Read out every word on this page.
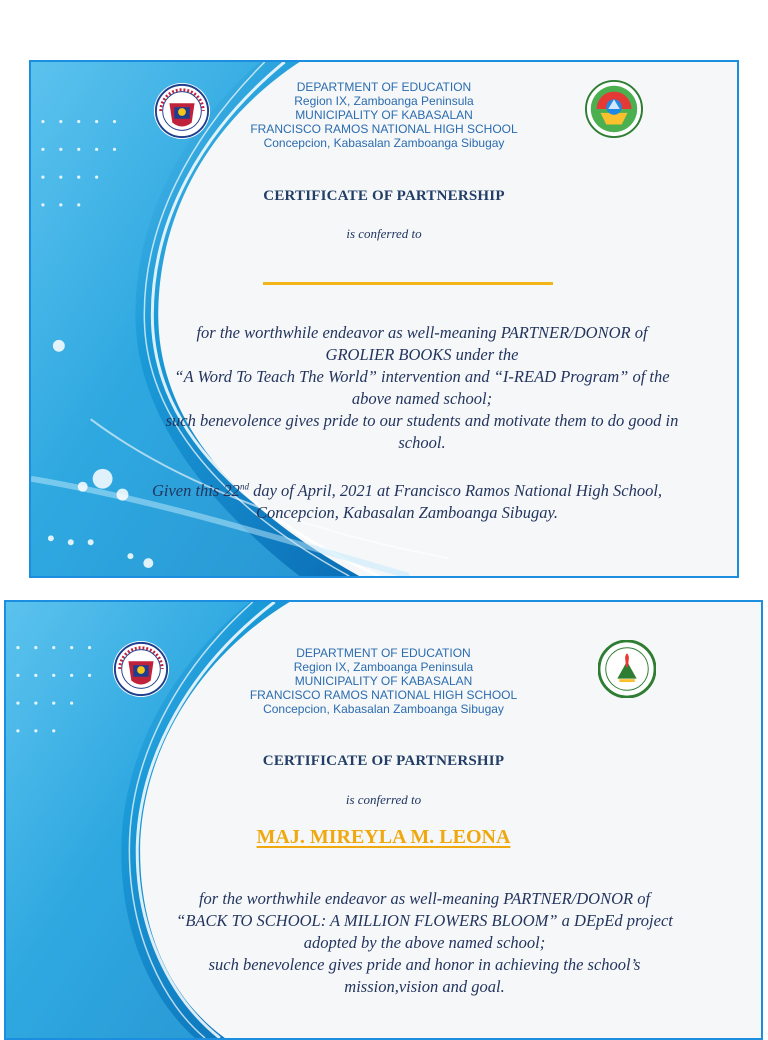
DEPARTMENT OF EDUCATION
Region IX, Zamboanga Peninsula
MUNICIPALITY OF KABASALAN
FRANCISCO RAMOS NATIONAL HIGH SCHOOL
Concepcion, Kabasalan Zamboanga Sibugay
CERTIFICATE OF PARTNERSHIP
is conferred to
for the worthwhile endeavor as well-meaning PARTNER/DONOR of
GROLIER BOOKS under the
“A Word To Teach The World” intervention and “I-READ Program” of the
above named school;
such benevolence gives pride to our students and motivate them to do good in
school.
Given this 22nd day of April, 2021 at Francisco Ramos National High School,
Concepcion, Kabasalan Zamboanga Sibugay.
DEPARTMENT OF EDUCATION
Region IX, Zamboanga Peninsula
MUNICIPALITY OF KABASALAN
FRANCISCO RAMOS NATIONAL HIGH SCHOOL
Concepcion, Kabasalan Zamboanga Sibugay
CERTIFICATE OF PARTNERSHIP
is conferred to
MAJ. MIREYLA M. LEONA
for the worthwhile endeavor as well-meaning PARTNER/DONOR of
“BACK TO SCHOOL: A MILLION FLOWERS BLOOM” a DEpEd project
adopted by the above named school;
such benevolence gives pride and honor in achieving the school’s
mission,vision and goal.
